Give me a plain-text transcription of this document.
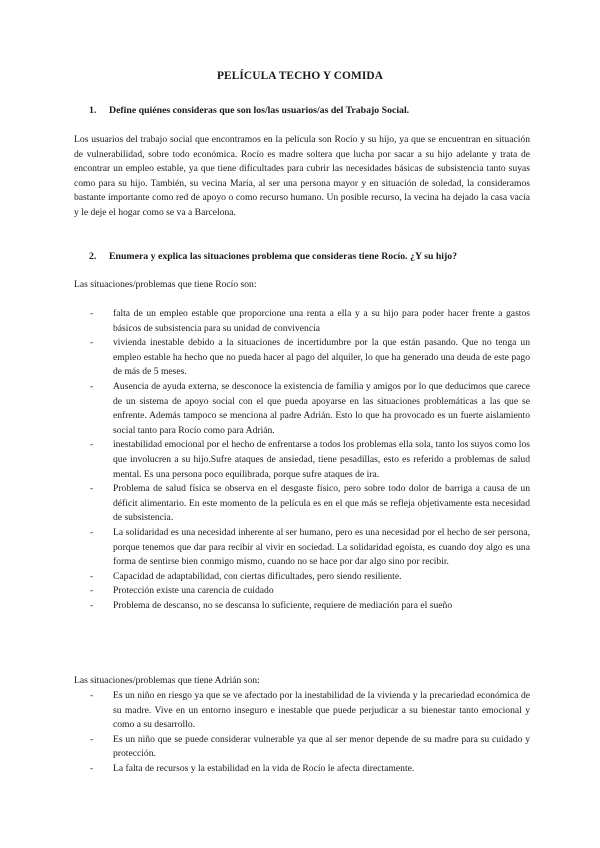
PELÍCULA TECHO Y COMIDA
1. Define quiénes consideras que son los/las usuarios/as del Trabajo Social.
Los usuarios del trabajo social que encontramos en la película son Rocío y su hijo, ya que se encuentran en situación de vulnerabilidad, sobre todo económica. Rocío es madre soltera que lucha por sacar a su hijo adelante y trata de encontrar un empleo estable, ya que tiene dificultades para cubrir las necesidades básicas de subsistencia tanto suyas como para su hijo. También, su vecina María, al ser una persona mayor y en situación de soledad, la consideramos bastante importante como red de apoyo o como recurso humano. Un posible recurso, la vecina ha dejado la casa vacía y le deje el hogar como se va a Barcelona.
2. Enumera y explica las situaciones problema que consideras tiene Rocío. ¿Y su hijo?
Las situaciones/problemas que tiene Rocío son:
- falta de un empleo estable que proporcione una renta a ella y a su hijo para poder hacer frente a gastos básicos de subsistencia para su unidad de convivencia
- vivienda inestable debido a la situaciones de incertidumbre por la que están pasando. Que no tenga un empleo estable ha hecho que no pueda hacer al pago del alquiler, lo que ha generado una deuda de este pago de más de 5 meses.
- Ausencia de ayuda externa, se desconoce la existencia de familia y amigos por lo que deducimos que carece de un sistema de apoyo social con el que pueda apoyarse en las situaciones problemáticas a las que se enfrente. Además tampoco se menciona al padre Adrián. Esto lo que ha provocado es un fuerte aislamiento social tanto para Rocío como para Adrián.
- inestabilidad emocional por el hecho de enfrentarse a todos los problemas ella sola, tanto los suyos como los que involucren a su hijo.Sufre ataques de ansiedad, tiene pesadillas, esto es referido a problemas de salud mental. Es una persona poco equilibrada, porque sufre ataques de ira.
- Problema de salud física se observa en el desgaste físico, pero sobre todo dolor de barriga a causa de un déficit alimentario. En este momento de la película es en el que más se refleja objetivamente esta necesidad de subsistencia.
- La solidaridad es una necesidad inherente al ser humano, pero es una necesidad por el hecho de ser persona, porque tenemos que dar para recibir al vivir en sociedad. La solidaridad egoísta, es cuando doy algo es una forma de sentirse bien conmigo mismo, cuando no se hace por dar algo sino por recibir.
- Capacidad de adaptabilidad, con ciertas dificultades, pero siendo resiliente.
- Protección existe una carencia de cuidado
- Problema de descanso, no se descansa lo suficiente, requiere de mediación para el sueño
Las situaciones/problemas que tiene Adrián son:
- Es un niño en riesgo ya que se ve afectado por la inestabilidad de la vivienda y la precariedad económica de su madre. Vive en un entorno inseguro e inestable que puede perjudicar a su bienestar tanto emocional y como a su desarrollo.
- Es un niño que se puede considerar vulnerable ya que al ser menor depende de su madre para su cuidado y protección.
- La falta de recursos y la estabilidad en la vida de Rocío le afecta directamente.
